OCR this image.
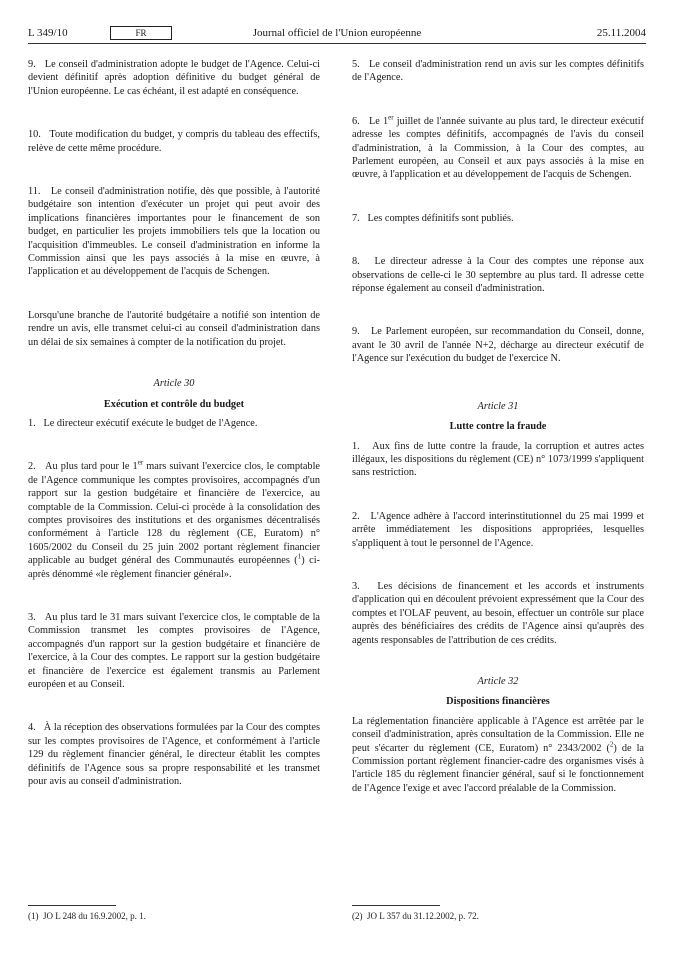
L 349/10	FR	Journal officiel de l'Union européenne	25.11.2004

9.   Le conseil d'administration adopte le budget de l'Agence. Celui-ci devient définitif après adoption définitive du budget général de l'Union européenne. Le cas échéant, il est adapté en conséquence.

10.   Toute modification du budget, y compris du tableau des effectifs, relève de cette même procédure.

11.   Le conseil d'administration notifie, dès que possible, à l'autorité budgétaire son intention d'exécuter un projet qui peut avoir des implications financières importantes pour le financement de son budget, en particulier les projets immobiliers tels que la location ou l'acquisition d'immeubles. Le conseil d'administration en informe la Commission ainsi que les pays associés à la mise en œuvre, à l'application et au développement de l'acquis de Schengen.

Lorsqu'une branche de l'autorité budgétaire a notifié son intention de rendre un avis, elle transmet celui-ci au conseil d'administration dans un délai de six semaines à compter de la notification du projet.

Article 30

Exécution et contrôle du budget

1.   Le directeur exécutif exécute le budget de l'Agence.

2.   Au plus tard pour le 1er mars suivant l'exercice clos, le comptable de l'Agence communique les comptes provisoires, accompagnés d'un rapport sur la gestion budgétaire et financière de l'exercice, au comptable de la Commission. Celui-ci procède à la consolidation des comptes provisoires des institutions et des organismes décentralisés conformément à l'article 128 du règlement (CE, Euratom) n° 1605/2002 du Conseil du 25 juin 2002 portant règlement financier applicable au budget général des Communautés européennes ($^1$) ci-après dénommé «le règlement financier général».

3.   Au plus tard le 31 mars suivant l'exercice clos, le comptable de la Commission transmet les comptes provisoires de l'Agence, accompagnés d'un rapport sur la gestion budgétaire et financière de l'exercice, à la Cour des comptes. Le rapport sur la gestion budgétaire et financière de l'exercice est également transmis au Parlement européen et au Conseil.

4.   À la réception des observations formulées par la Cour des comptes sur les comptes provisoires de l'Agence, et conformément à l'article 129 du règlement financier général, le directeur établit les comptes définitifs de l'Agence sous sa propre responsabilité et les transmet pour avis au conseil d'administration.

5.   Le conseil d'administration rend un avis sur les comptes définitifs de l'Agence.

6.   Le 1er juillet de l'année suivante au plus tard, le directeur exécutif adresse les comptes définitifs, accompagnés de l'avis du conseil d'administration, à la Commission, à la Cour des comptes, au Parlement européen, au Conseil et aux pays associés à la mise en œuvre, à l'application et au développement de l'acquis de Schengen.

7.   Les comptes définitifs sont publiés.

8.   Le directeur adresse à la Cour des comptes une réponse aux observations de celle-ci le 30 septembre au plus tard. Il adresse cette réponse également au conseil d'administration.

9.   Le Parlement européen, sur recommandation du Conseil, donne, avant le 30 avril de l'année N+2, décharge au directeur exécutif de l'Agence sur l'exécution du budget de l'exercice N.

Article 31

Lutte contre la fraude

1.   Aux fins de lutte contre la fraude, la corruption et autres actes illégaux, les dispositions du règlement (CE) n° 1073/1999 s'appliquent sans restriction.

2.   L'Agence adhère à l'accord interinstitutionnel du 25 mai 1999 et arrête immédiatement les dispositions appropriées, lesquelles s'appliquent à tout le personnel de l'Agence.

3.   Les décisions de financement et les accords et instruments d'application qui en découlent prévoient expressément que la Cour des comptes et l'OLAF peuvent, au besoin, effectuer un contrôle sur place auprès des bénéficiaires des crédits de l'Agence ainsi qu'auprès des agents responsables de l'attribution de ces crédits.

Article 32

Dispositions financières

La réglementation financière applicable à l'Agence est arrêtée par le conseil d'administration, après consultation de la Commission. Elle ne peut s'écarter du règlement (CE, Euratom) n° 2343/2002 ($^2$) de la Commission portant règlement financier-cadre des organismes visés à l'article 185 du règlement financier général, sauf si le fonctionnement de l'Agence l'exige et avec l'accord préalable de la Commission.

(1)  JO L 248 du 16.9.2002, p. 1.	(2)  JO L 357 du 31.12.2002, p. 72.
